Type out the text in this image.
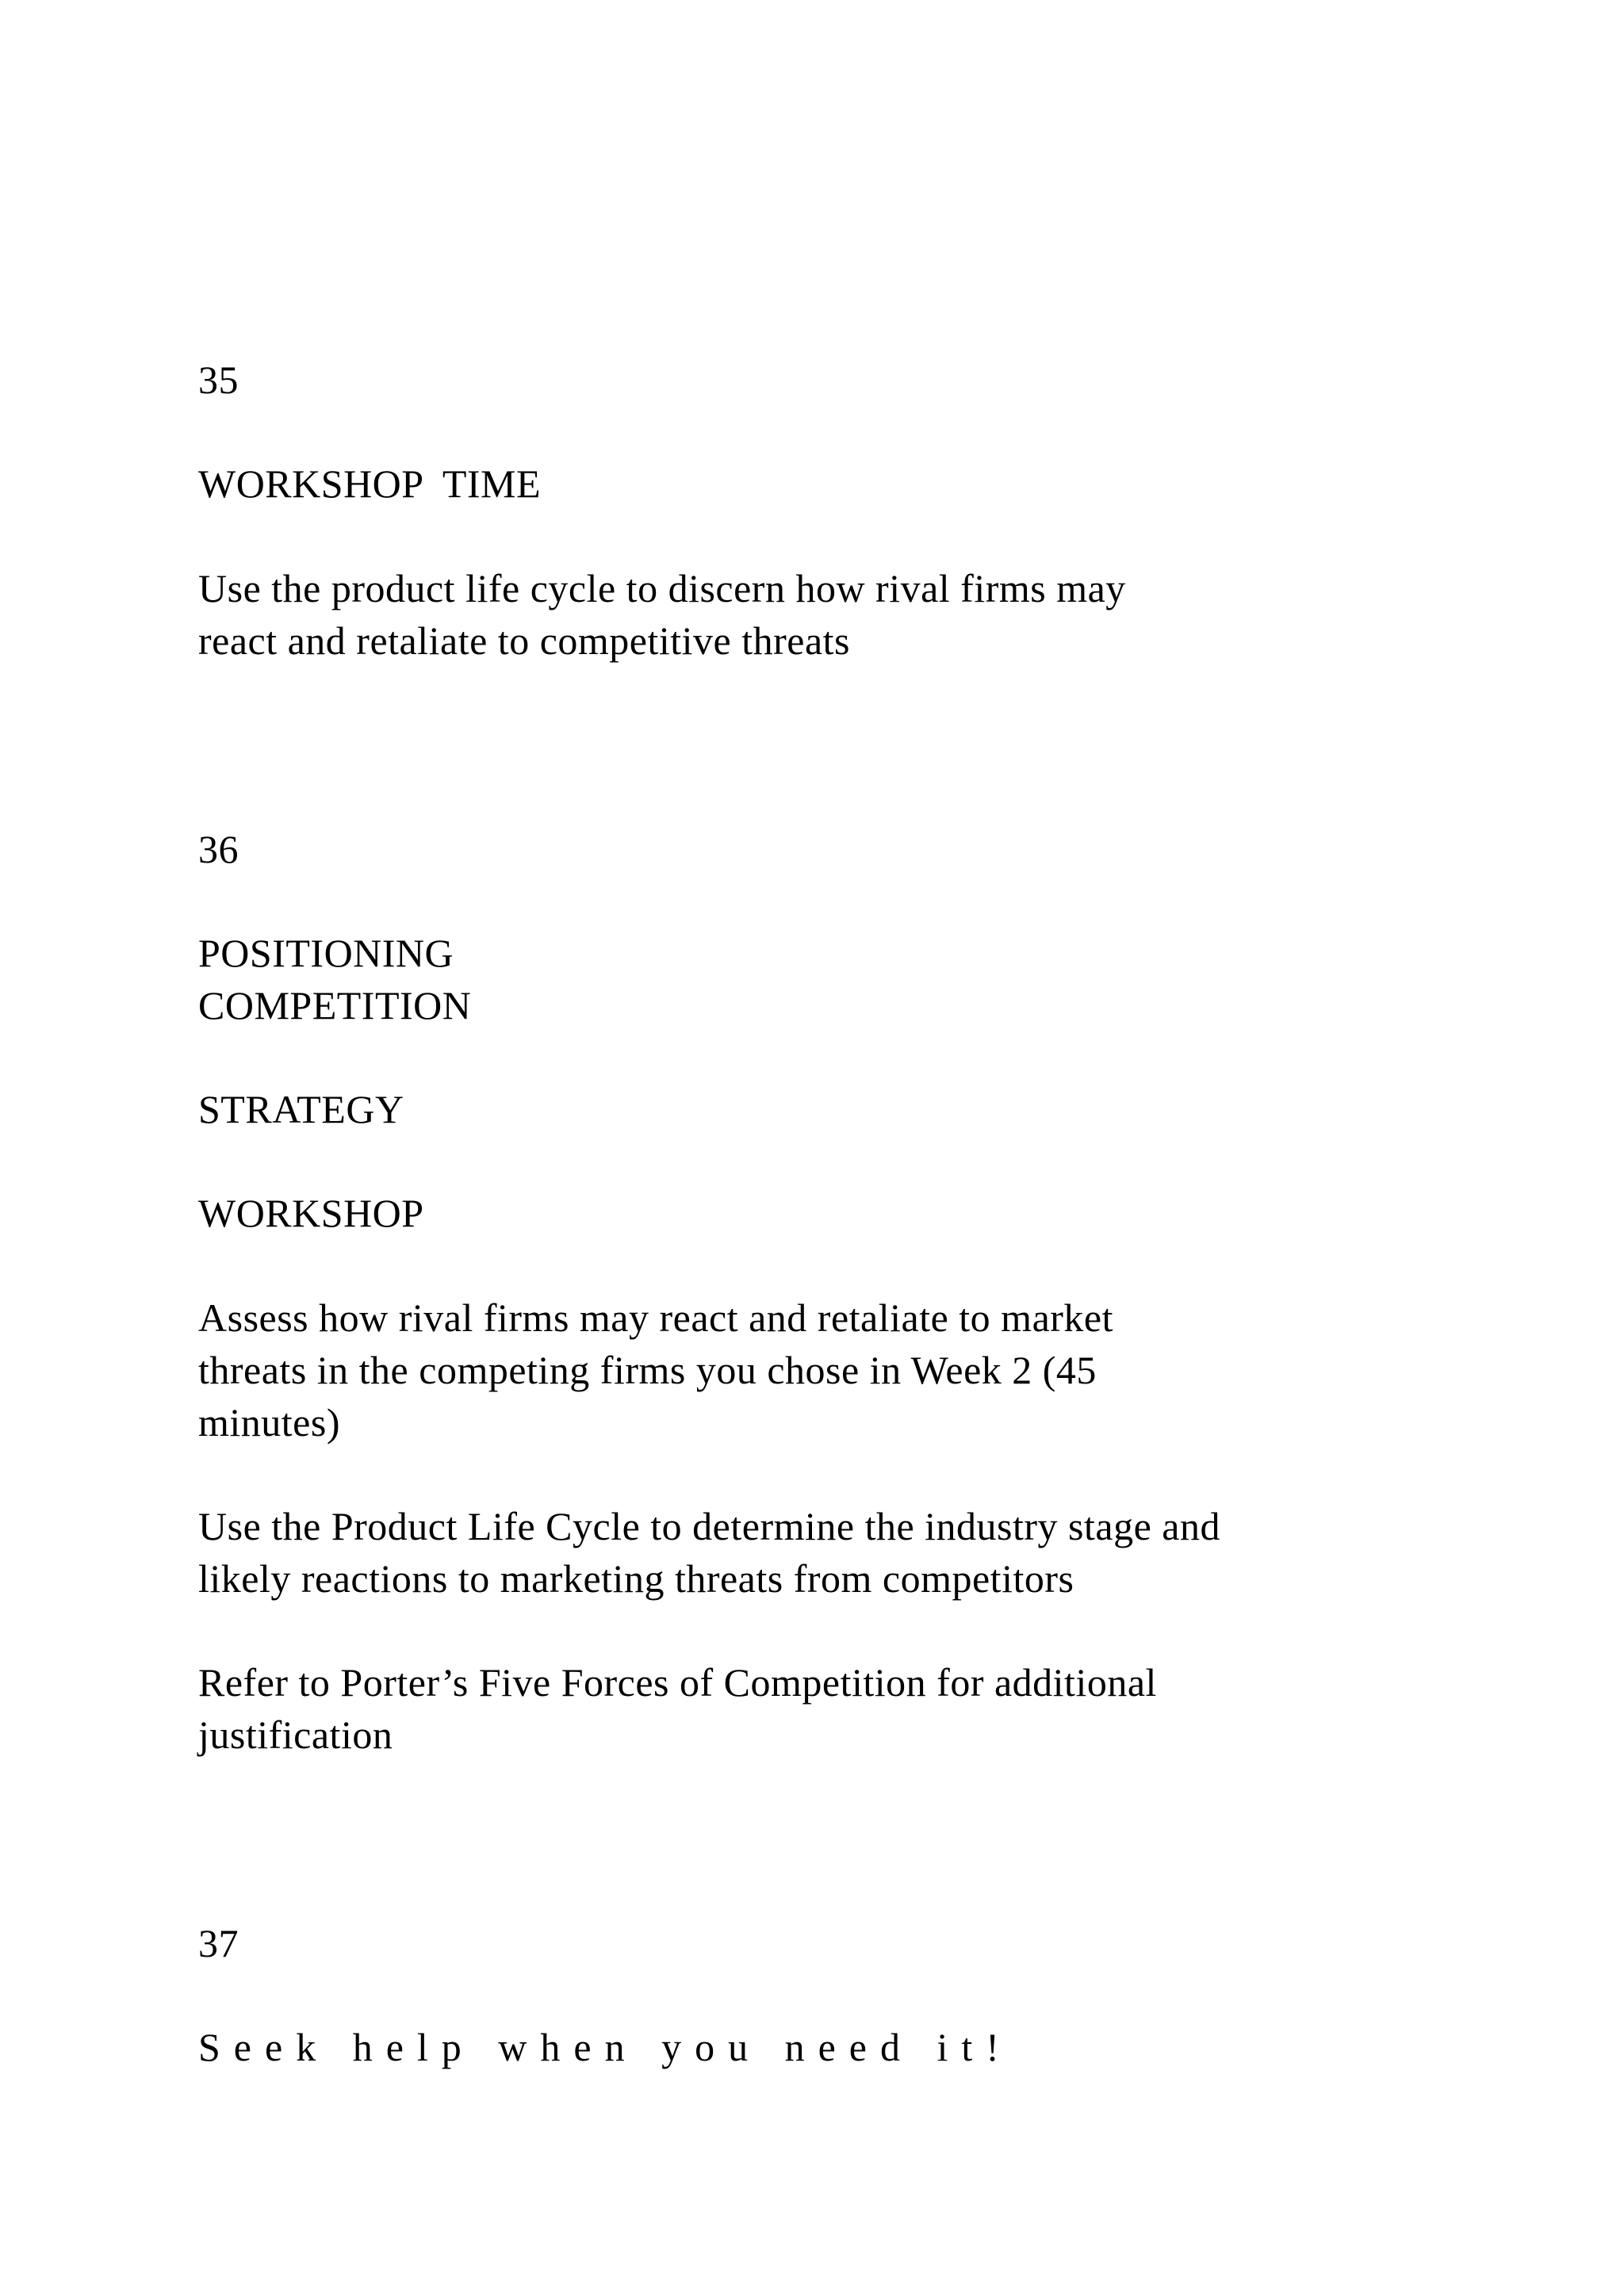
35
WORKSHOP  TIME
Use the product life cycle to discern how rival firms may
react and retaliate to competitive threats
36
POSITIONING
COMPETITION
STRATEGY
WORKSHOP
Assess how rival firms may react and retaliate to market
threats in the competing firms you chose in Week 2 (45
minutes)
Use the Product Life Cycle to determine the industry stage and
likely reactions to marketing threats from competitors
Refer to Porter’s Five Forces of Competition for additional
justification
37
Seek help when you need it!
